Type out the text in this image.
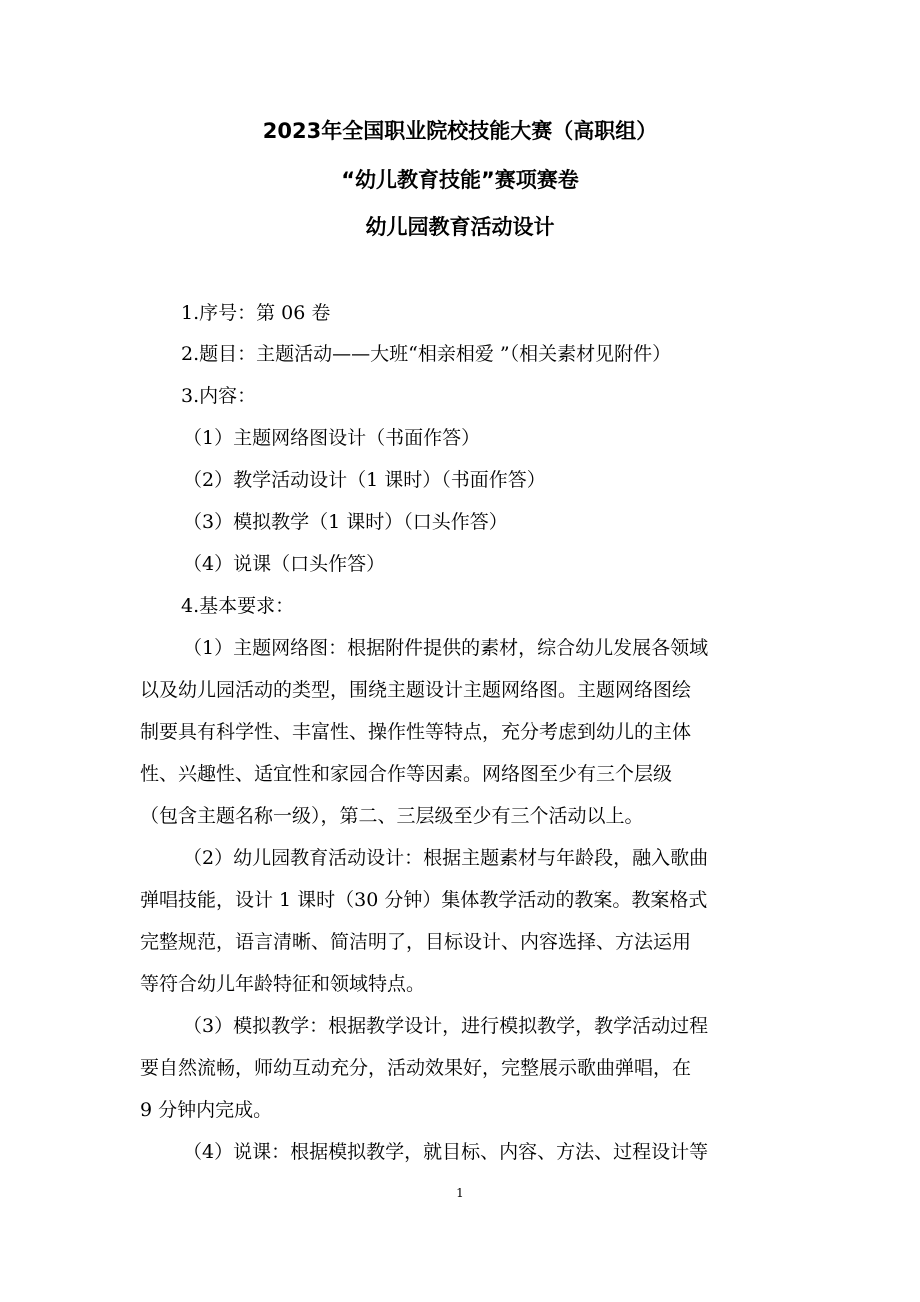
2023年全国职业院校技能大赛（高职组）
“幼儿教育技能”赛项赛卷
幼儿园教育活动设计

1.序号：第 06 卷

2.题目：主题活动——大班“相亲相爱 ”（相关素材见附件）

3.内容：

（1）主题网络图设计（书面作答）

（2）教学活动设计（1 课时）（书面作答）

（3）模拟教学（1 课时）（口头作答）

（4）说课（口头作答）

4.基本要求：

（1）主题网络图：根据附件提供的素材，综合幼儿发展各领域

以及幼儿园活动的类型，围绕主题设计主题网络图。主题网络图绘

制要具有科学性、丰富性、操作性等特点，充分考虑到幼儿的主体

性、兴趣性、适宜性和家园合作等因素。网络图至少有三个层级

（包含主题名称一级），第二、三层级至少有三个活动以上。

（2）幼儿园教育活动设计：根据主题素材与年龄段，融入歌曲

弹唱技能，设计 1 课时（30 分钟）集体教学活动的教案。教案格式

完整规范，语言清晰、简洁明了，目标设计、内容选择、方法运用

等符合幼儿年龄特征和领域特点。

（3）模拟教学：根据教学设计，进行模拟教学，教学活动过程

要自然流畅，师幼互动充分，活动效果好，完整展示歌曲弹唱，在

9 分钟内完成。

（4）说课：根据模拟教学，就目标、内容、方法、过程设计等

1
